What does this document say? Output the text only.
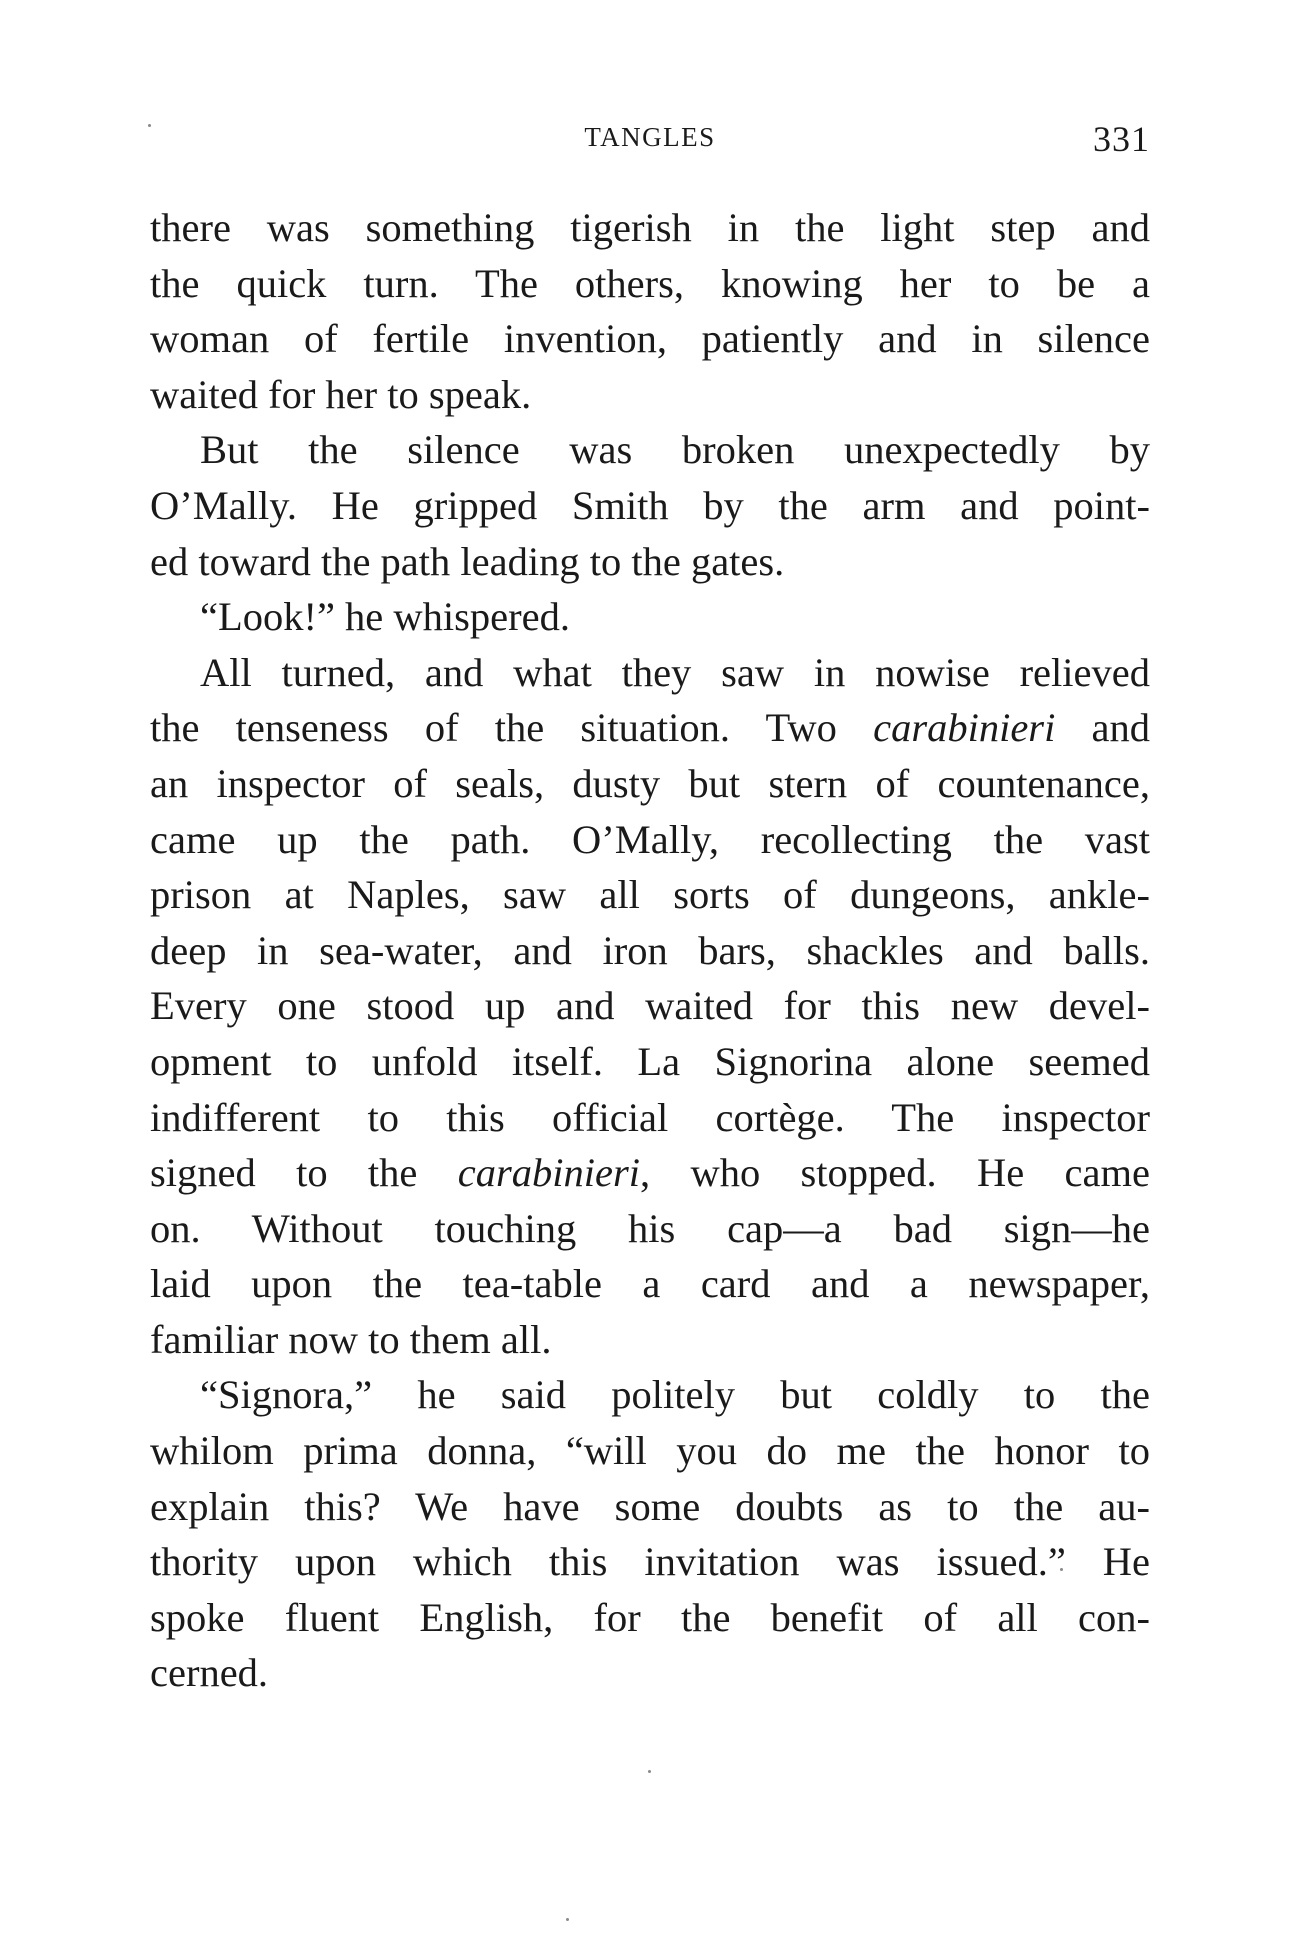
TANGLES	331
there was something tigerish in the light step and
the quick turn. The others, knowing her to be a
woman of fertile invention, patiently and in silence
waited for her to speak.
But the silence was broken unexpectedly by
O’Mally. He gripped Smith by the arm and point-
ed toward the path leading to the gates.
“Look!” he whispered.
All turned, and what they saw in nowise relieved
the tenseness of the situation. Two carabinieri and
an inspector of seals, dusty but stern of countenance,
came up the path. O’Mally, recollecting the vast
prison at Naples, saw all sorts of dungeons, ankle-
deep in sea-water, and iron bars, shackles and balls.
Every one stood up and waited for this new devel-
opment to unfold itself. La Signorina alone seemed
indifferent to this official cortège. The inspector
signed to the carabinieri, who stopped. He came
on. Without touching his cap—a bad sign—he
laid upon the tea-table a card and a newspaper,
familiar now to them all.
“Signora,” he said politely but coldly to the
whilom prima donna, “will you do me the honor to
explain this? We have some doubts as to the au-
thority upon which this invitation was issued.” He
spoke fluent English, for the benefit of all con-
cerned.
